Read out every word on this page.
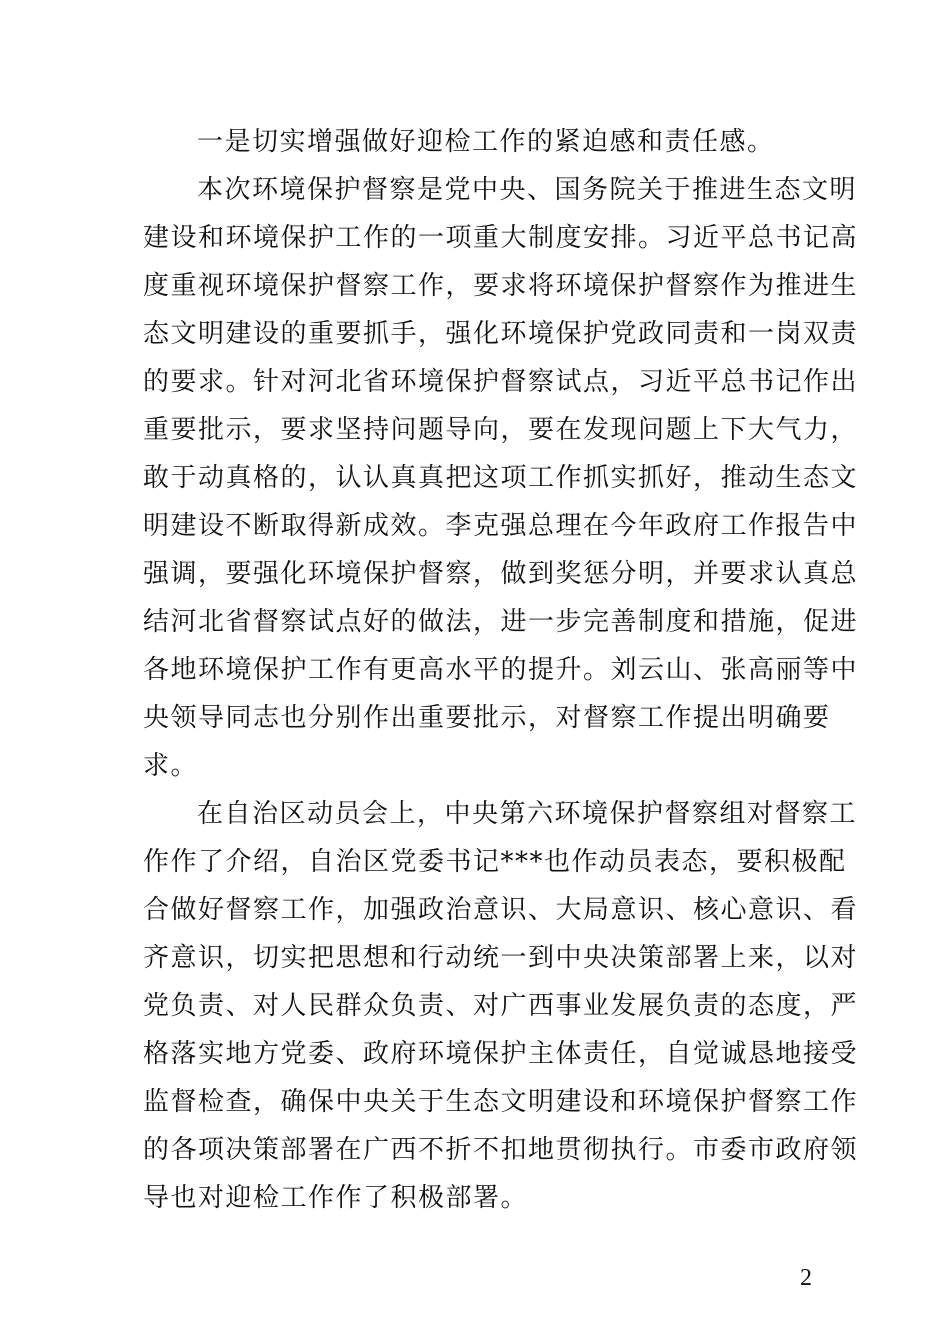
一是切实增强做好迎检工作的紧迫感和责任感。
本次环境保护督察是党中央、国务院关于推进生态文明
建设和环境保护工作的一项重大制度安排。习近平总书记高
度重视环境保护督察工作，要求将环境保护督察作为推进生
态文明建设的重要抓手，强化环境保护党政同责和一岗双责
的要求。针对河北省环境保护督察试点，习近平总书记作出
重要批示，要求坚持问题导向，要在发现问题上下大气力，
敢于动真格的，认认真真把这项工作抓实抓好，推动生态文
明建设不断取得新成效。李克强总理在今年政府工作报告中
强调，要强化环境保护督察，做到奖惩分明，并要求认真总
结河北省督察试点好的做法，进一步完善制度和措施，促进
各地环境保护工作有更高水平的提升。刘云山、张高丽等中
央领导同志也分别作出重要批示，对督察工作提出明确要
求。
在自治区动员会上，中央第六环境保护督察组对督察工
作作了介绍，自治区党委书记***也作动员表态，要积极配
合做好督察工作，加强政治意识、大局意识、核心意识、看
齐意识，切实把思想和行动统一到中央决策部署上来，以对
党负责、对人民群众负责、对广西事业发展负责的态度，严
格落实地方党委、政府环境保护主体责任，自觉诚恳地接受
监督检查，确保中央关于生态文明建设和环境保护督察工作
的各项决策部署在广西不折不扣地贯彻执行。市委市政府领
导也对迎检工作作了积极部署。
2
